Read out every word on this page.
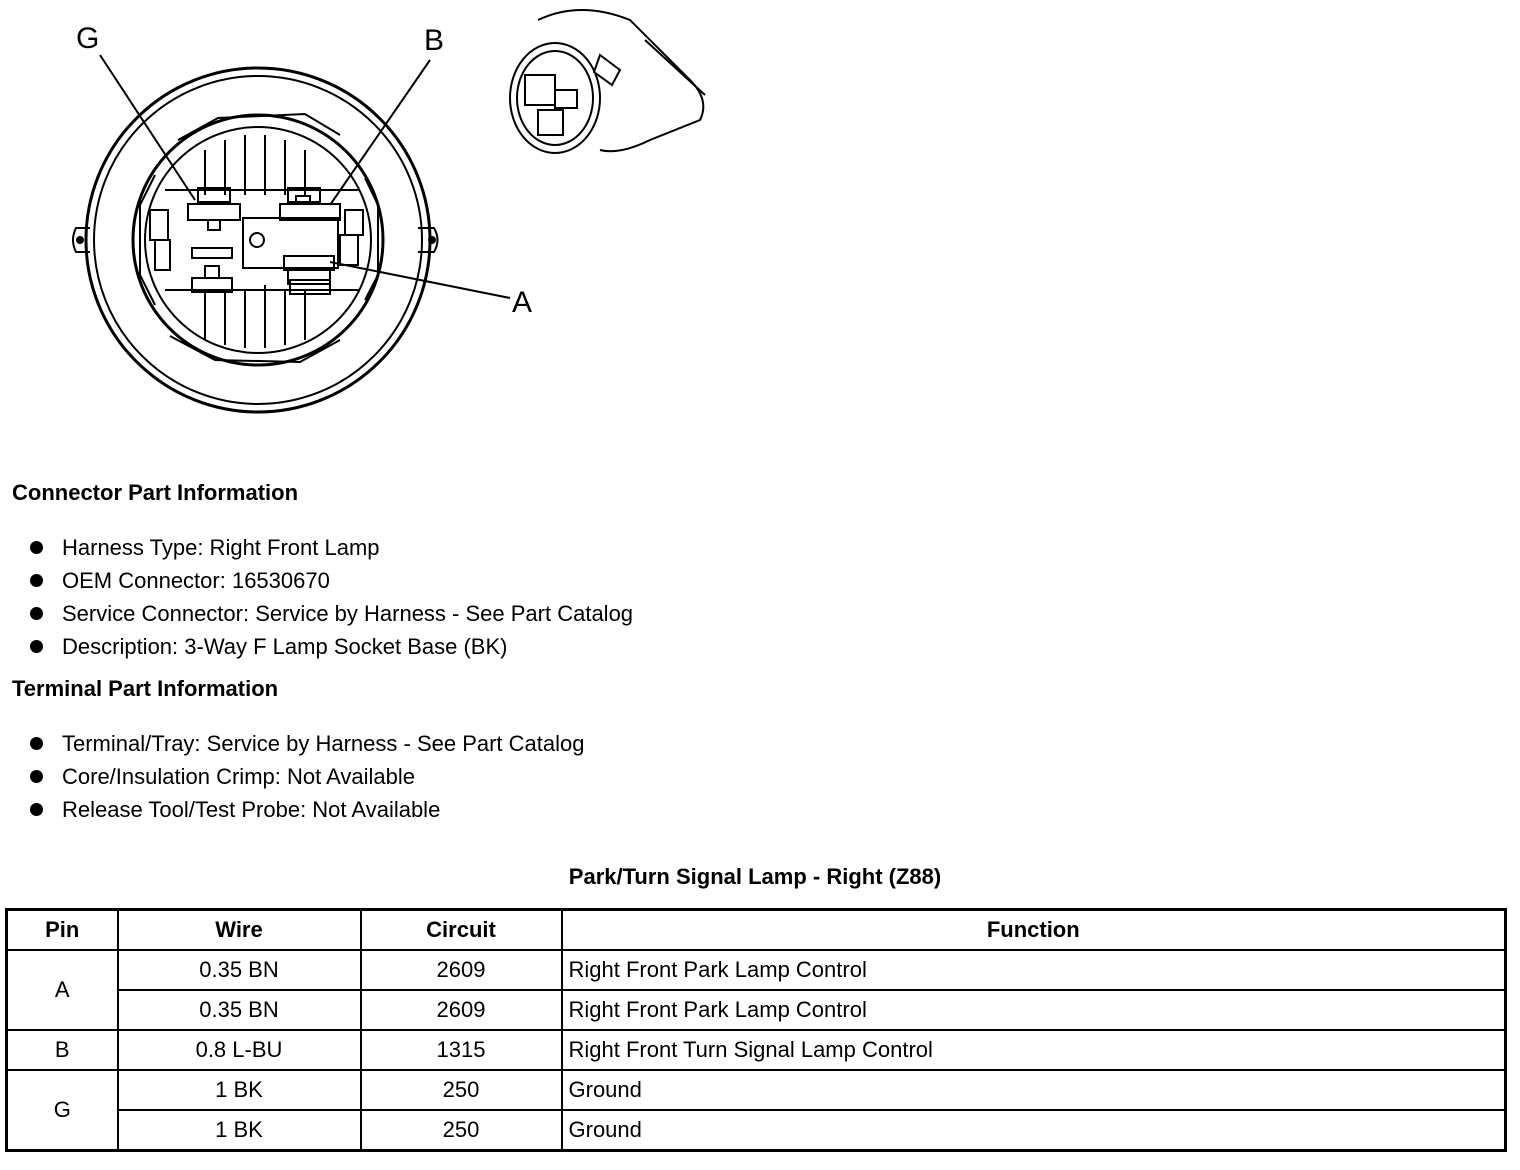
G	B
A
Connector Part Information
Harness Type: Right Front Lamp
OEM Connector: 16530670
Service Connector: Service by Harness - See Part Catalog
Description: 3-Way F Lamp Socket Base (BK)
Terminal Part Information
Terminal/Tray: Service by Harness - See Part Catalog
Core/Insulation Crimp: Not Available
Release Tool/Test Probe: Not Available
Park/Turn Signal Lamp - Right (Z88)
Pin	Wire	Circuit	Function
A	0.35 BN	2609	Right Front Park Lamp Control
	0.35 BN	2609	Right Front Park Lamp Control
B	0.8 L-BU	1315	Right Front Turn Signal Lamp Control
G	1 BK	250	Ground
	1 BK	250	Ground
